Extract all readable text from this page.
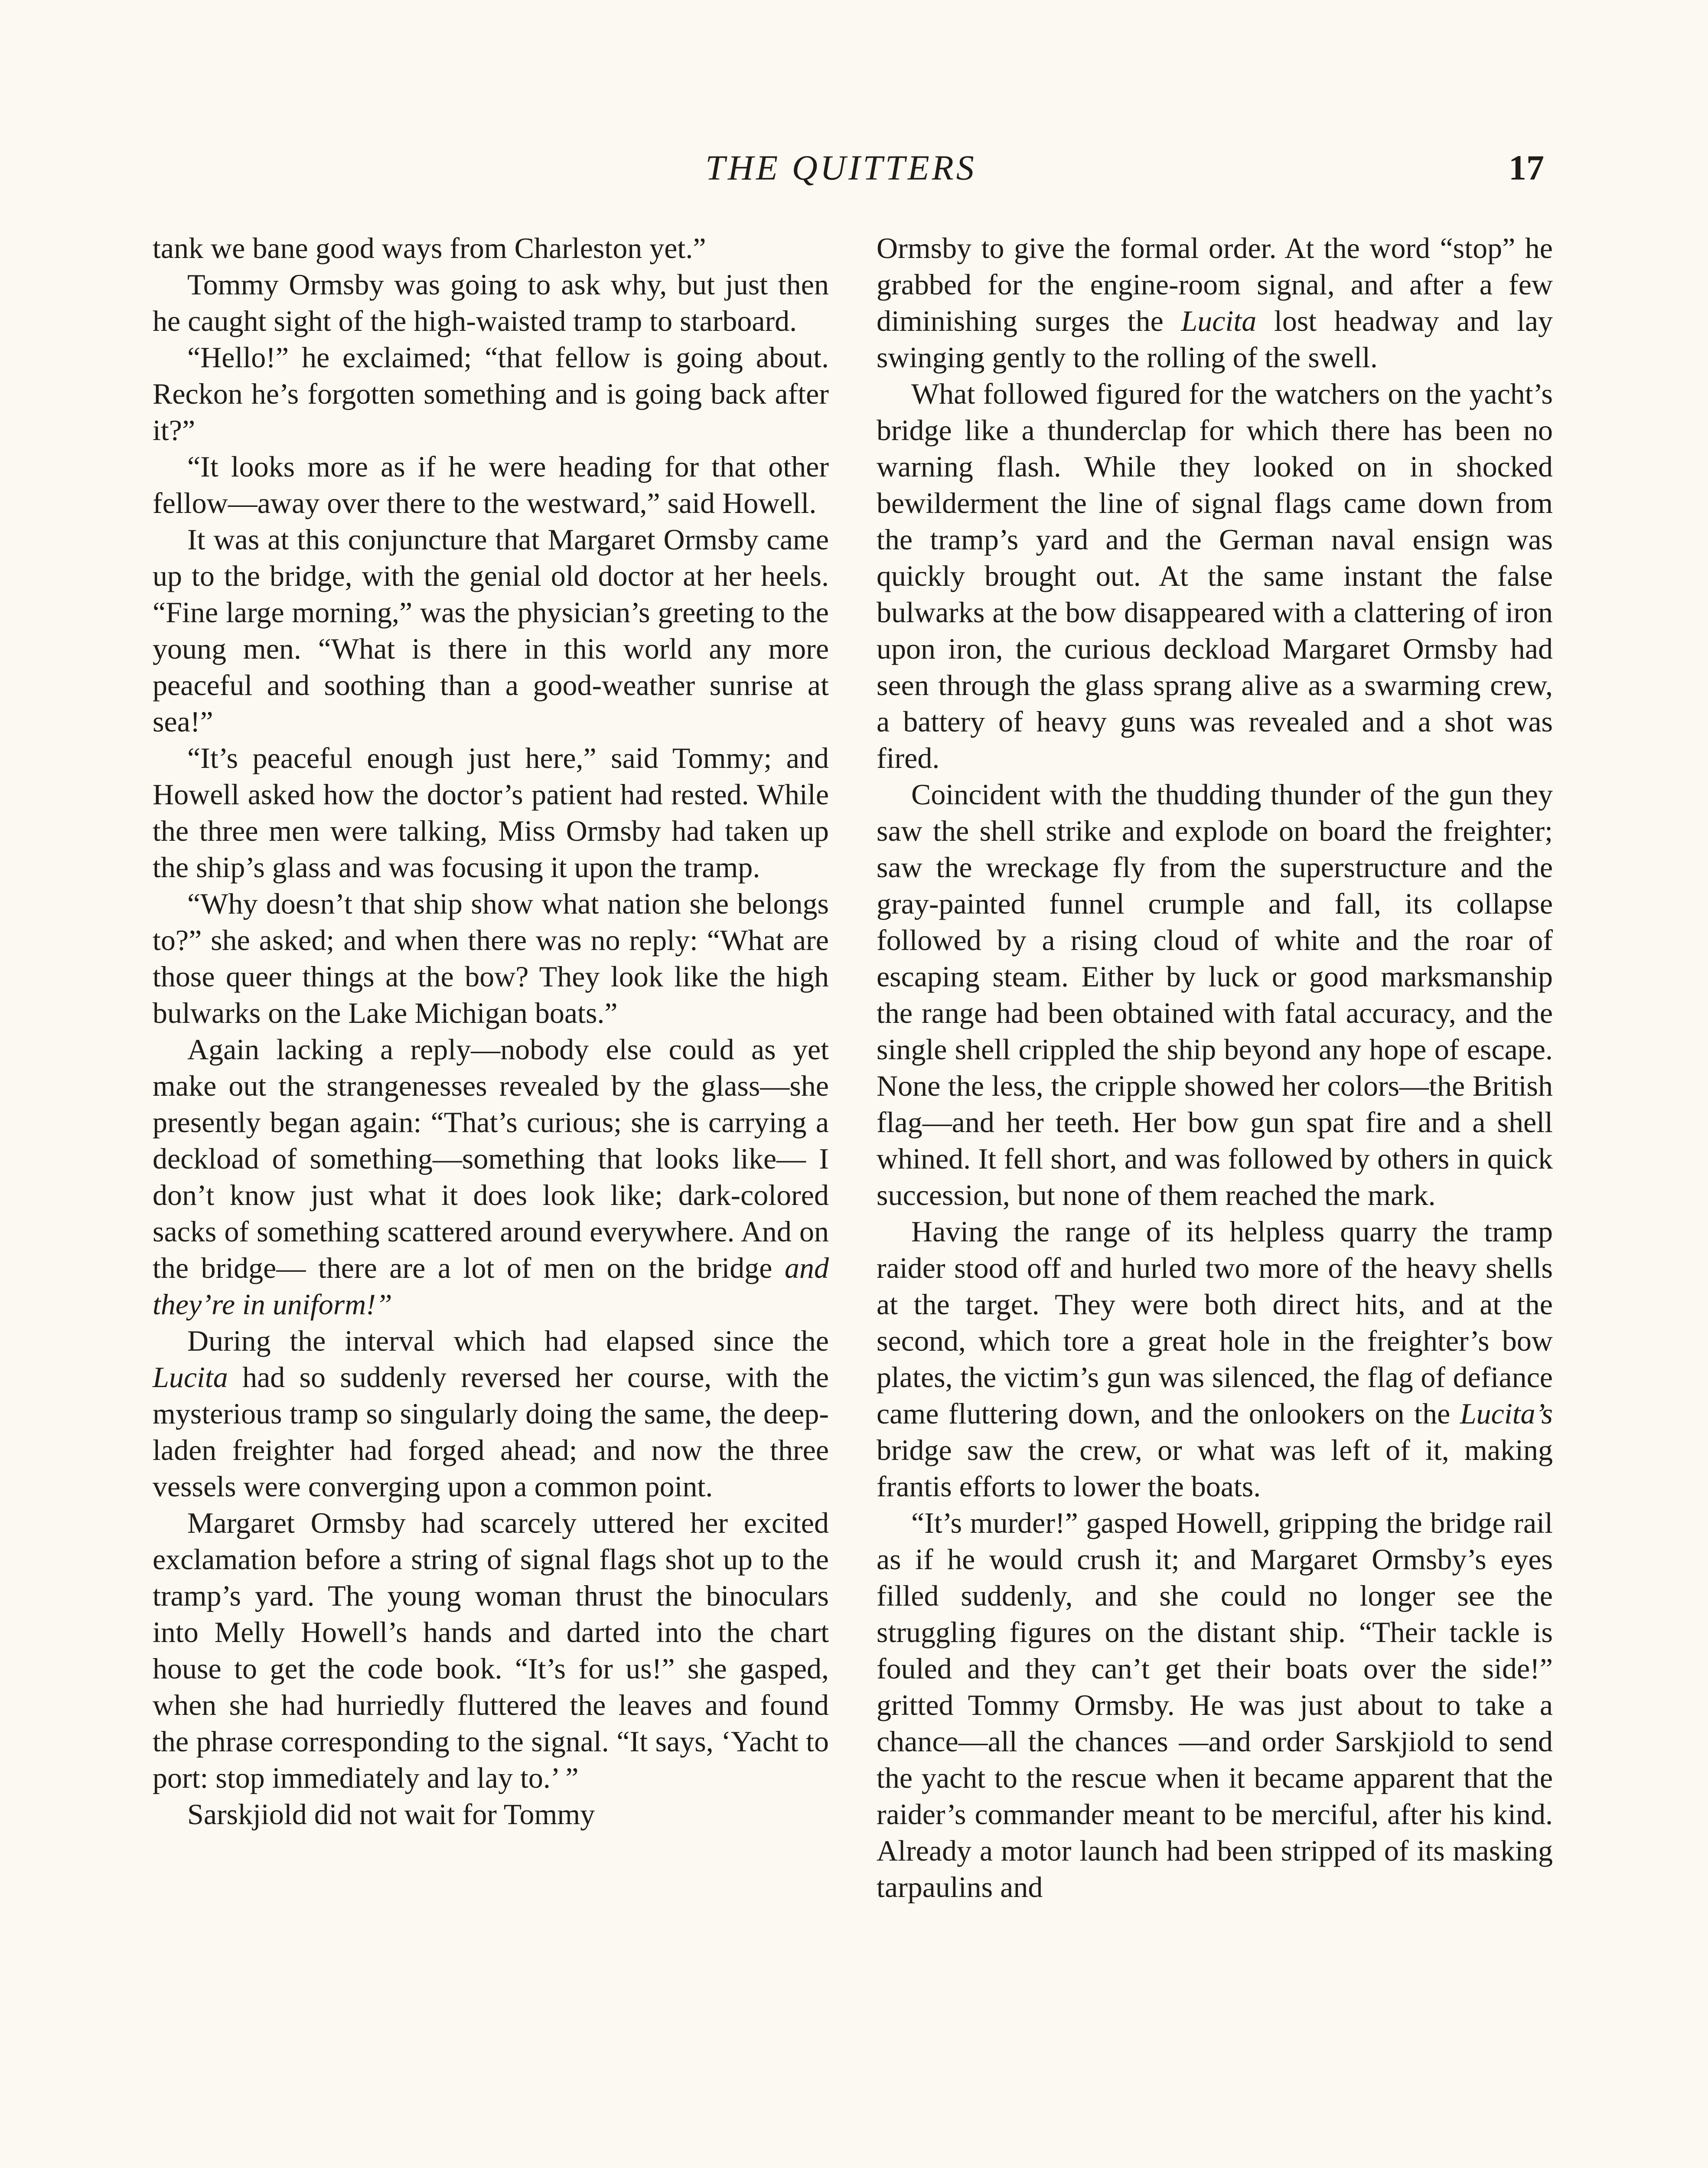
THE QUITTERS	17

tank we bane good ways from Charleston yet.”

Tommy Ormsby was going to ask why, but just then he caught sight of the high-waisted tramp to starboard.

“Hello!” he exclaimed; “that fellow is going about. Reckon he’s forgotten something and is going back after it?”

“It looks more as if he were heading for that other fellow—away over there to the westward,” said Howell.

It was at this conjuncture that Margaret Ormsby came up to the bridge, with the genial old doctor at her heels. “Fine large morning,” was the physician’s greeting to the young men. “What is there in this world any more peaceful and soothing than a good-weather sunrise at sea!”

“It’s peaceful enough just here,” said Tommy; and Howell asked how the doctor’s patient had rested. While the three men were talking, Miss Ormsby had taken up the ship’s glass and was focusing it upon the tramp.

“Why doesn’t that ship show what nation she belongs to?” she asked; and when there was no reply: “What are those queer things at the bow? They look like the high bulwarks on the Lake Michigan boats.”

Again lacking a reply—nobody else could as yet make out the strangenesses revealed by the glass—she presently began again: “That’s curious; she is carrying a deckload of something—something that looks like— I don’t know just what it does look like; dark-colored sacks of something scattered around everywhere. And on the bridge— there are a lot of men on the bridge and they’re in uniform!”

During the interval which had elapsed since the Lucita had so suddenly reversed her course, with the mysterious tramp so singularly doing the same, the deep-laden freighter had forged ahead; and now the three vessels were converging upon a common point.

Margaret Ormsby had scarcely uttered her excited exclamation before a string of signal flags shot up to the tramp’s yard. The young woman thrust the binoculars into Melly Howell’s hands and darted into the chart house to get the code book. “It’s for us!” she gasped, when she had hurriedly fluttered the leaves and found the phrase corresponding to the signal. “It says, ‘Yacht to port: stop immediately and lay to.’ ”

Sarskjiold did not wait for Tommy

Ormsby to give the formal order. At the word “stop” he grabbed for the engine-room signal, and after a few diminishing surges the Lucita lost headway and lay swinging gently to the rolling of the swell.

What followed figured for the watchers on the yacht’s bridge like a thunderclap for which there has been no warning flash. While they looked on in shocked bewilderment the line of signal flags came down from the tramp’s yard and the German naval ensign was quickly brought out. At the same instant the false bulwarks at the bow disappeared with a clattering of iron upon iron, the curious deckload Margaret Ormsby had seen through the glass sprang alive as a swarming crew, a battery of heavy guns was revealed and a shot was fired.

Coincident with the thudding thunder of the gun they saw the shell strike and explode on board the freighter; saw the wreckage fly from the superstructure and the gray-painted funnel crumple and fall, its collapse followed by a rising cloud of white and the roar of escaping steam. Either by luck or good marksmanship the range had been obtained with fatal accuracy, and the single shell crippled the ship beyond any hope of escape. None the less, the cripple showed her colors—the British flag—and her teeth. Her bow gun spat fire and a shell whined. It fell short, and was followed by others in quick succession, but none of them reached the mark.

Having the range of its helpless quarry the tramp raider stood off and hurled two more of the heavy shells at the target. They were both direct hits, and at the second, which tore a great hole in the freighter’s bow plates, the victim’s gun was silenced, the flag of defiance came fluttering down, and the onlookers on the Lucita’s bridge saw the crew, or what was left of it, making frantis efforts to lower the boats.

“It’s murder!” gasped Howell, gripping the bridge rail as if he would crush it; and Margaret Ormsby’s eyes filled suddenly, and she could no longer see the struggling figures on the distant ship. “Their tackle is fouled and they can’t get their boats over the side!” gritted Tommy Ormsby. He was just about to take a chance—all the chances —and order Sarskjiold to send the yacht to the rescue when it became apparent that the raider’s commander meant to be merciful, after his kind. Already a motor launch had been stripped of its masking tarpaulins and
